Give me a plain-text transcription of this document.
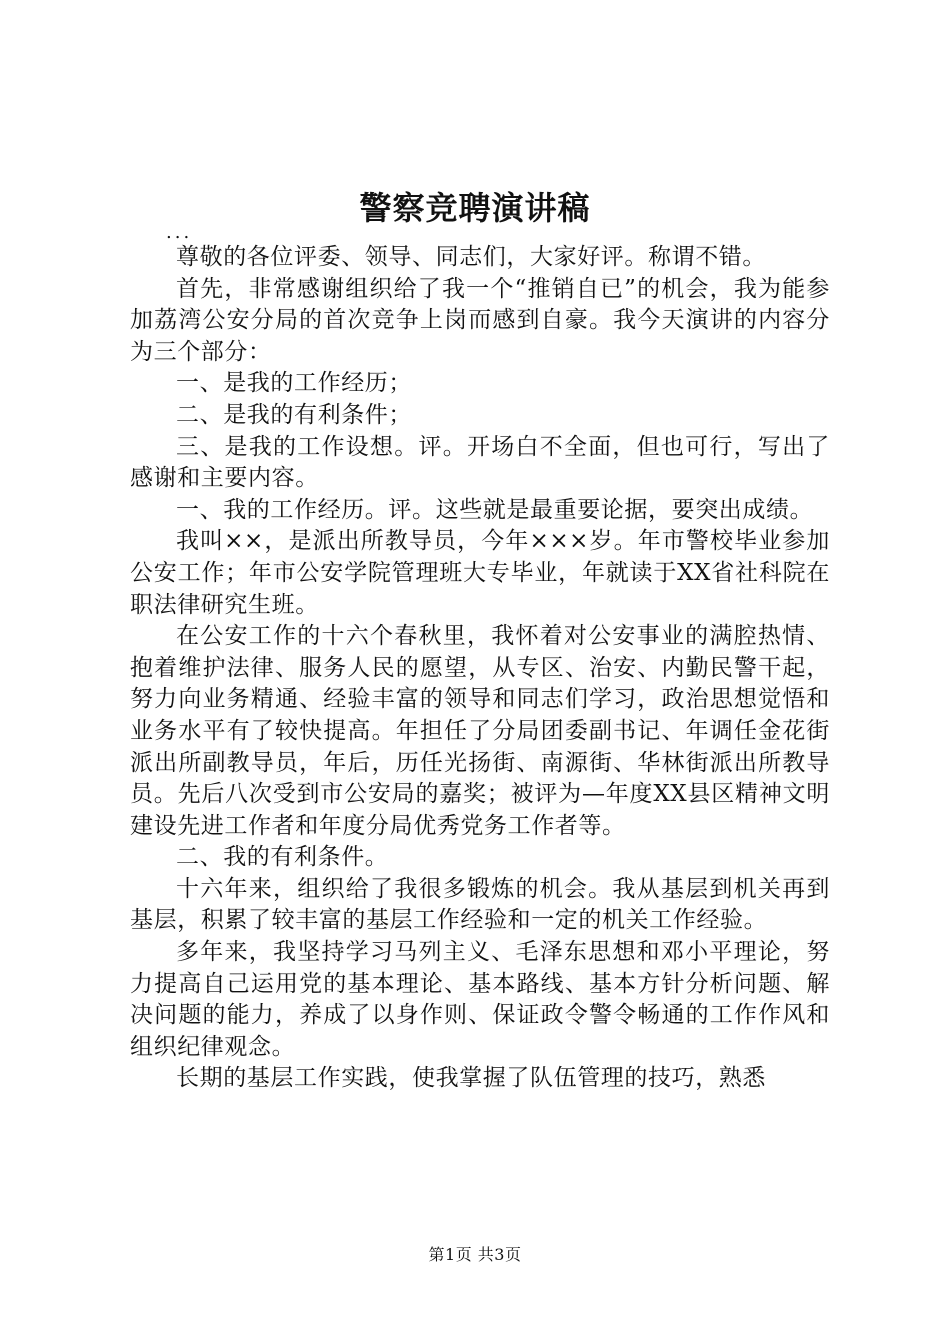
警察竞聘演讲稿

...

尊敬的各位评委、领导、同志们，大家好评。称谓不错。

首先，非常感谢组织给了我一个“推销自已”的机会，我为能参加荔湾公安分局的首次竞争上岗而感到自豪。我今天演讲的内容分为三个部分：

一、是我的工作经历；

二、是我的有利条件；

三、是我的工作设想。评。开场白不全面，但也可行，写出了感谢和主要内容。

一、我的工作经历。评。这些就是最重要论据，要突出成绩。

我叫××，是派出所教导员，今年×××岁。年市警校毕业参加公安工作；年市公安学院管理班大专毕业，年就读于XX省社科院在职法律研究生班。

在公安工作的十六个春秋里，我怀着对公安事业的满腔热情、抱着维护法律、服务人民的愿望，从专区、治安、内勤民警干起，努力向业务精通、经验丰富的领导和同志们学习，政治思想觉悟和业务水平有了较快提高。年担任了分局团委副书记、年调任金花街派出所副教导员，年后，历任光扬街、南源街、华林街派出所教导员。先后八次受到市公安局的嘉奖；被评为—年度XX县区精神文明建设先进工作者和年度分局优秀党务工作者等。

二、我的有利条件。

十六年来，组织给了我很多锻炼的机会。我从基层到机关再到基层，积累了较丰富的基层工作经验和一定的机关工作经验。

多年来，我坚持学习马列主义、毛泽东思想和邓小平理论，努力提高自己运用党的基本理论、基本路线、基本方针分析问题、解决问题的能力，养成了以身作则、保证政令警令畅通的工作作风和组织纪律观念。

长期的基层工作实践，使我掌握了队伍管理的技巧，熟悉

第1页 共3页
